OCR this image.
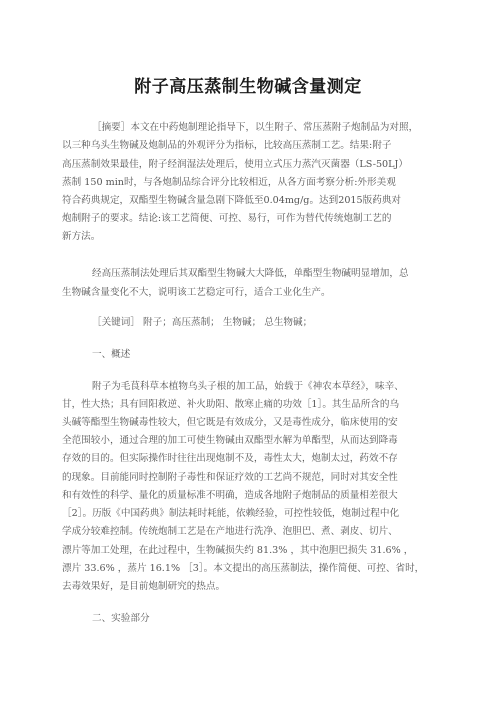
附子高压蒸制生物碱含量测定
［摘要］本文在中药炮制理论指导下，以生附子、常压蒸附子炮制品为对照，
以三种乌头生物碱及炮制品的外观评分为指标，比较高压蒸制工艺。结果:附子
高压蒸制效果最佳，附子经润湿法处理后，使用立式压力蒸汽灭菌器（LS-50LJ）
蒸制 150 min时，与各炮制品综合评分比较相近，从各方面考察分析:外形美观
符合药典规定，双酯型生物碱含量急剧下降低至0.04mg/g。达到2015版药典对
炮制附子的要求。结论:该工艺简便、可控、易行，可作为替代传统炮制工艺的
新方法。
经高压蒸制法处理后其双酯型生物碱大大降低，单酯型生物碱明显增加，总
生物碱含量变化不大，说明该工艺稳定可行，适合工业化生产。
［关键词］ 附子；高压蒸制； 生物碱； 总生物碱；
一、概述
附子为毛茛科草本植物乌头子根的加工品，始载于《神农本草经》，味辛、
甘，性大热；具有回阳救逆、补火助阳、散寒止痛的功效［1］。其生品所含的乌
头碱等酯型生物碱毒性较大，但它既是有效成分，又是毒性成分，临床使用的安
全范围较小，通过合理的加工可使生物碱由双酯型水解为单酯型，从而达到降毒
存效的目的。但实际操作时往往出现炮制不及，毒性太大，炮制太过，药效不存
的现象。目前能同时控制附子毒性和保证疗效的工艺尚不规范，同时对其安全性
和有效性的科学、量化的质量标准不明确，造成各地附子炮制品的质量相差很大
［2］。历版《中国药典》制法耗时耗能，依赖经验，可控性较低，炮制过程中化
学成分较难控制。传统炮制工艺是在产地进行洗净、泡胆巴、煮、剥皮、切片、
漂片等加工处理，在此过程中，生物碱损失约 81.3% ，其中泡胆巴损失 31.6% ，
漂片 33.6% ，蒸片 16.1% ［3］。本文提出的高压蒸制法，操作简便、可控、省时，
去毒效果好，是目前炮制研究的热点。
二、实验部分
